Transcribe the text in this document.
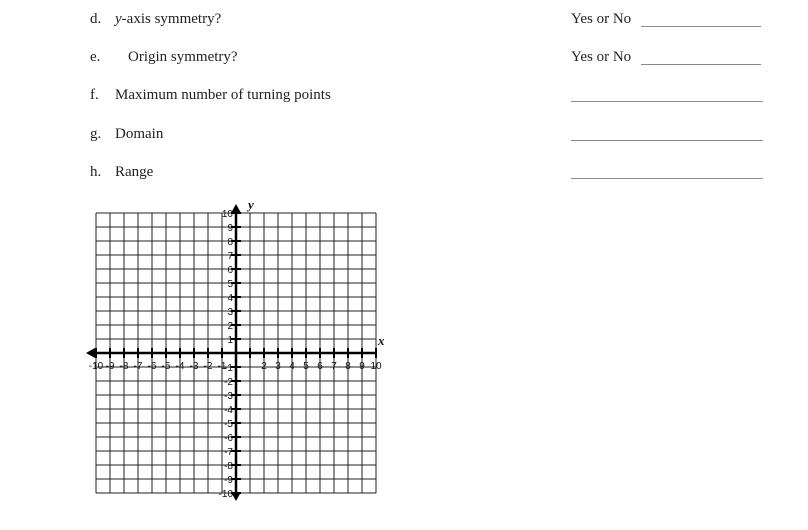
d. y-axis symmetry?	Yes or No
e. Origin symmetry?	Yes or No
f. Maximum number of turning points
g. Domain
h. Range
-10 -9 -8 -7 -6 -5 -4 -3 -2 -1	2 3 4 5 6 7 8 9 10
10
9
8
7
6
5
4
3
2
1
-1
-2
-3
-4
-5
-6
-7
-8
-9
-10
x
y
